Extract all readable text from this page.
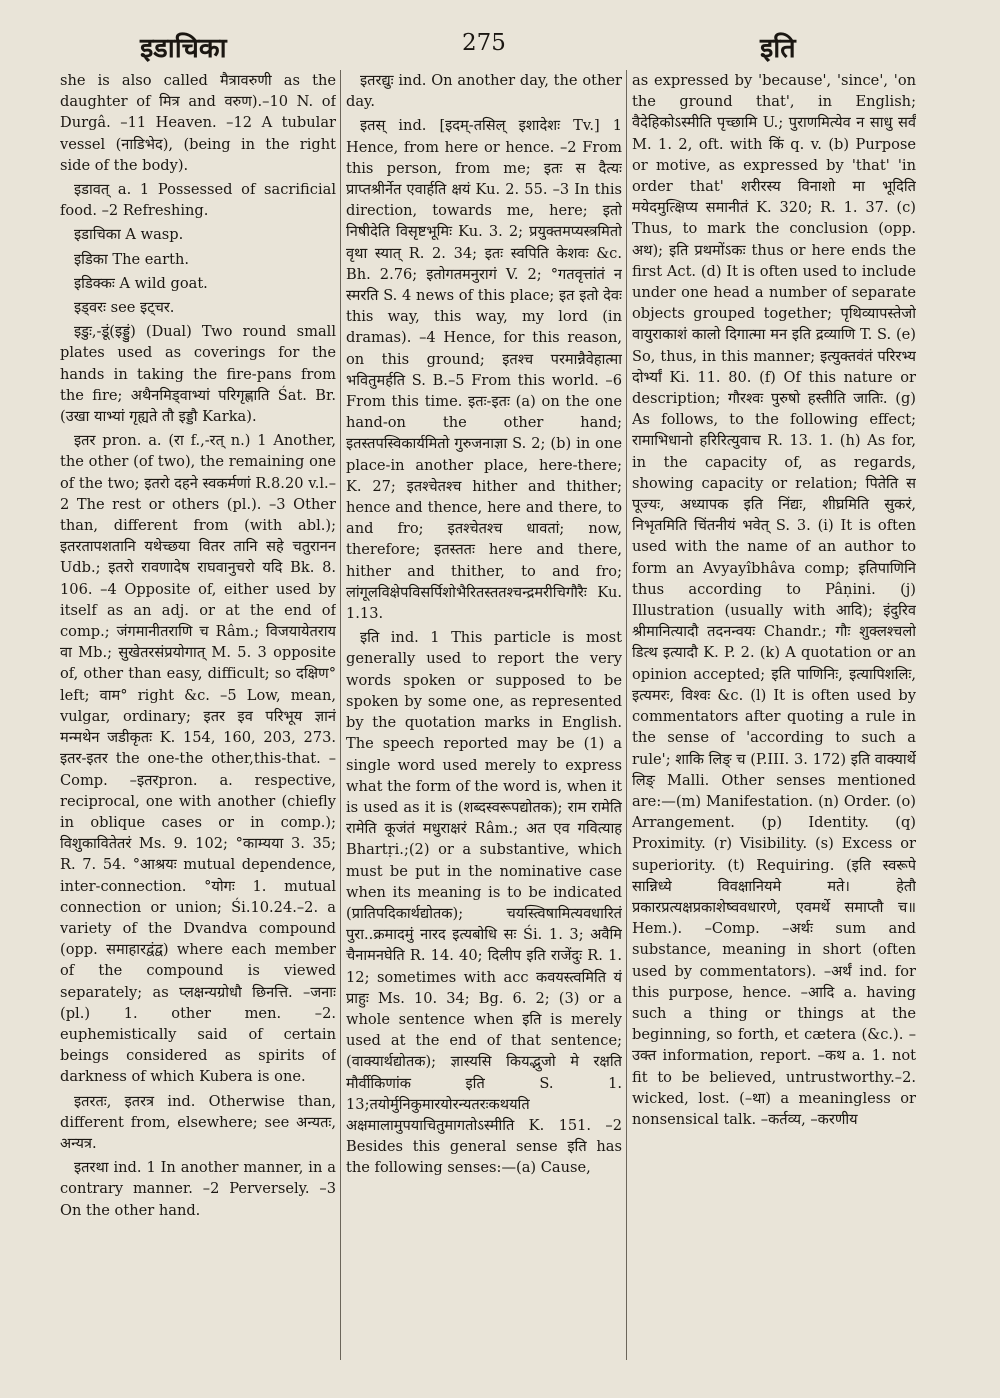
इडाचिका	275	इति

she is also called मैत्रावरुणी as the daughter of मित्र and वरुण).–10 N. of Durgâ. –11 Heaven. –12 A tubular vessel (नाडिभेद), (being in the right side of the body).

इडावत् a. 1 Possessed of sacrificial food. –2 Refreshing.

इडाचिका A wasp.

इडिका The earth.

इडिक्कः A wild goat.

इड्वरः see इट्चर.

इडुः,-डूं(इड्डुं) (Dual) Two round small plates used as coverings for the hands in taking the fire-pans from the fire; अथैनमिड्वाभ्यां परिगृह्णाति Śat. Br. (उखा याभ्यां गृह्यते तौ इड्डौ Karka).

इतर pron. a. (रा f.,-रत् n.) 1 Another, the other (of two), the remaining one of the two; इतरो दहने स्वकर्मणां R.8.20 v.l.–2 The rest or others (pl.). –3 Other than, different from (with abl.); इतरतापशतानि यथेच्छया वितर तानि सहे चतुरानन Udb.; इतरो रावणादेष राघवानुचरो यदि Bk. 8. 106. –4 Opposite of, either used by itself as an adj. or at the end of comp.; जंगमानीतराणि च Râm.; विजयायेतराय वा Mb.; सुखेतरसंप्रयोगात् M. 5. 3 opposite of, other than easy, difficult; so दक्षिण° left; वाम° right &c. –5 Low, mean, vulgar, ordinary; इतर इव परिभूय ज्ञानं मन्मथेन जडीकृतः K. 154, 160, 203, 273. इतर-इतर the one-the other,this-that. –Comp. –इतरpron. a. respective, reciprocal, one with another (chiefly in oblique cases or in comp.); विशुकावितेतरं Ms. 9. 102; °काम्यया 3. 35; R. 7. 54. °आश्रयः mutual dependence, inter-connection. °योगः 1. mutual connection or union; Śi.10.24.–2. a variety of the Dvandva compound (opp. समाहारद्वंद्व) where each member of the compound is viewed separately; as प्लक्षन्यग्रोधौ छिनत्ति. –जनाः (pl.) 1. other men. –2. euphemistically said of certain beings considered as spirits of darkness of which Kubera is one.

इतरतः, इतरत्र ind. Otherwise than, different from, elsewhere; see अन्यतः, अन्यत्र.

इतरथा ind. 1 In another manner, in a contrary manner. –2 Perversely. –3 On the other hand.

इतरद्युः ind. On another day, the other day.

इतस् ind. [इदम्-तसिल् इशादेशः Tv.] 1 Hence, from here or hence. –2 From this person, from me; इतः स दैत्यः प्राप्तश्रीर्नेत एवार्हति क्षयं Ku. 2. 55. –3 In this direction, towards me, here; इतो निषीदेति विसृष्टभूमिः Ku. 3. 2; प्रयुक्तमप्यस्त्रमितो वृथा स्यात् R. 2. 34; इतः स्वपिति केशवः &c. Bh. 2.76; इतोगतमनुरागं V. 2; °गतवृत्तांतं न स्मरति S. 4 news of this place; इत इतो देवः this way, this way, my lord (in dramas). –4 Hence, for this reason, on this ground; इतश्च परमान्नैवेहात्मा भवितुमर्हति S. B.–5 From this world. –6 From this time. इतः-इतः (a) on the one hand-on the other hand; इतस्तपस्विकार्यमितो गुरुजनाज्ञा S. 2; (b) in one place-in another place, here-there; K. 27; इतश्चेतश्च hither and thither; hence and thence, here and there, to and fro; इतश्चेतश्च धावतां; now, therefore; इतस्ततः here and there, hither and thither, to and fro; लांगूलविक्षेपविसर्पिशोभैरितस्ततश्चन्द्रमरीचिगौरैः Ku. 1.13.

इति ind. 1 This particle is most generally used to report the very words spoken or supposed to be spoken by some one, as represented by the quotation marks in English. The speech reported may be (1) a single word used merely to express what the form of the word is, when it is used as it is (शब्दस्वरूपद्योतक); राम रामेति रामेति कूजंतं मधुराक्षरं Râm.; अत एव गवित्याह Bhartṛi.;(2) or a substantive, which must be put in the nominative case when its meaning is to be indicated (प्रातिपदिकार्थद्योतक); चयस्त्विषामित्यवधारितं पुरा..क्रमादमुं नारद इत्यबोधि सः Śi. 1. 3; अवैमि चैनामनघेति R. 14. 40; दिलीप इति राजेंदुः R. 1. 12; sometimes with acc कवयस्त्वमिति यं प्राहुः Ms. 10. 34; Bg. 6. 2; (3) or a whole sentence when इति is merely used at the end of that sentence; (वाक्यार्थद्योतक); ज्ञास्यसि कियद्भुजो मे रक्षति मौर्वीकिणांक इति S. 1. 13;तयोर्मुनिकुमारयोरन्यतरःकथयति अक्षमालामुपयाचितुमागतोऽस्मीति K. 151. –2 Besides this general sense इति has the following senses:—(a) Cause,

as expressed by 'because', 'since', 'on the ground that', in English; वैदेहिकोऽस्मीति पृच्छामि U.; पुराणमित्येव न साधु सर्वं M. 1. 2, oft. with किं q. v. (b) Purpose or motive, as expressed by 'that' 'in order that' शरीरस्य विनाशो मा भूदिति मयेदमुत्क्षिप्य समानीतं K. 320; R. 1. 37. (c) Thus, to mark the conclusion (opp. अथ); इति प्रथमोंऽकः thus or here ends the first Act. (d) It is often used to include under one head a number of separate objects grouped together; पृथिव्यापस्तेजो वायुराकाशं कालो दिगात्मा मन इति द्रव्याणि T. S. (e) So, thus, in this manner; इत्युक्तवंतं परिरभ्य दोर्भ्यां Ki. 11. 80. (f) Of this nature or description; गौरश्वः पुरुषो हस्तीति जातिः. (g) As follows, to the following effect; रामाभिधानो हरिरित्युवाच R. 13. 1. (h) As for, in the capacity of, as regards, showing capacity or relation; पितेति स पूज्यः, अध्यापक इति निंद्यः, शीघ्रमिति सुकरं, निभृतमिति चिंतनीयं भवेत् S. 3. (i) It is often used with the name of an author to form an Avyayîbhâva comp; इतिपाणिनि thus according to Pâṇini. (j) Illustration (usually with आदि); इंदुरिव श्रीमानित्यादौ तदनन्वयः Chandr.; गौः शुक्लश्चलो डित्थ इत्यादौ K. P. 2. (k) A quotation or an opinion accepted; इति पाणिनिः, इत्यापिशलिः, इत्यमरः, विश्वः &c. (l) It is often used by commentators after quoting a rule in the sense of 'according to such a rule'; शाकि लिङ् च (P.III. 3. 172) इति वाक्यार्थे लिङ् Malli. Other senses mentioned are:—(m) Manifestation. (n) Order. (o) Arrangement. (p) Identity. (q) Proximity. (r) Visibility. (s) Excess or superiority. (t) Requiring. (इति स्वरूपे सान्निध्ये विवक्षानियमे मते। हेतौ प्रकारप्रत्यक्षप्रकाशेष्ववधारणे, एवमर्थे समाप्तौ च॥ Hem.). –Comp. –अर्थः sum and substance, meaning in short (often used by commentators). –अर्थं ind. for this purpose, hence. –आदि a. having such a thing or things at the beginning, so forth, et cætera (&c.). –उक्त information, report. –कथ a. 1. not fit to be believed, untrustworthy.–2. wicked, lost. (–था) a meaningless or nonsensical talk. –कर्तव्य, –करणीय
